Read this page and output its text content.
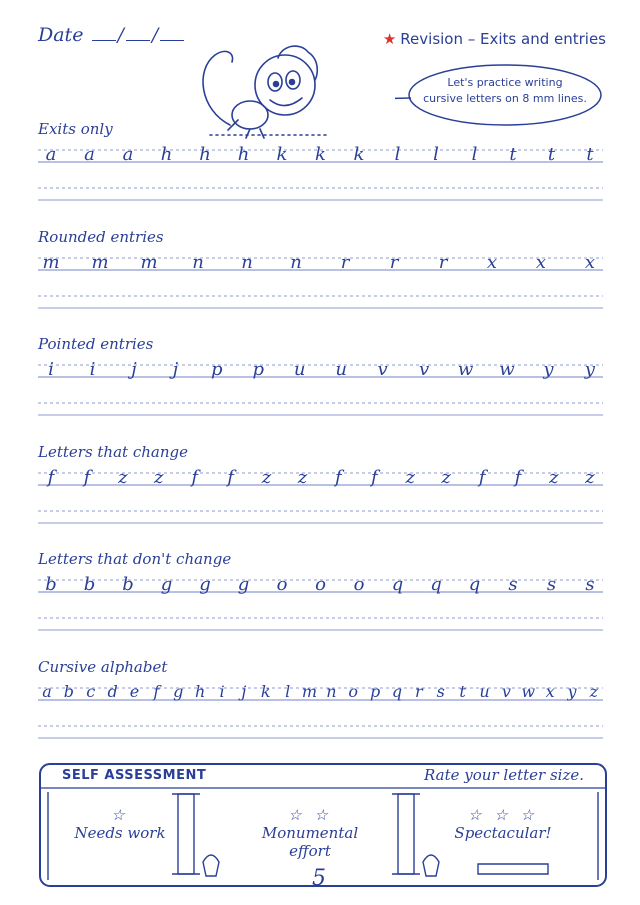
Date / /	★ Revision – Exits and entries
Let's practice writing
cursive letters on 8 mm lines.
Exits only
a	a	a	h	h	h	k	k	k	l	l	l	t	t	t
Rounded entries
m m m	n	n	n	r	r	r	x	x	x
Pointed entries
i	i	j	j	p	p	u	u	v	v	w w	y	y
Letters that change
f	f	z	z	f	f	z	z	f	f	z	z	f	f	z	z
Letters that don't change
b	b	b	g	g	g	o	o	o	q	q	q	s	s	s
Cursive alphabet
a b c d e f g h i	j k l m n o p q r s t u v w x y z
SELF ASSESSMENT	Rate your letter size.
☆
Needs work
☆ ☆
Monumental effort
☆ ☆ ☆
Spectacular!
5
